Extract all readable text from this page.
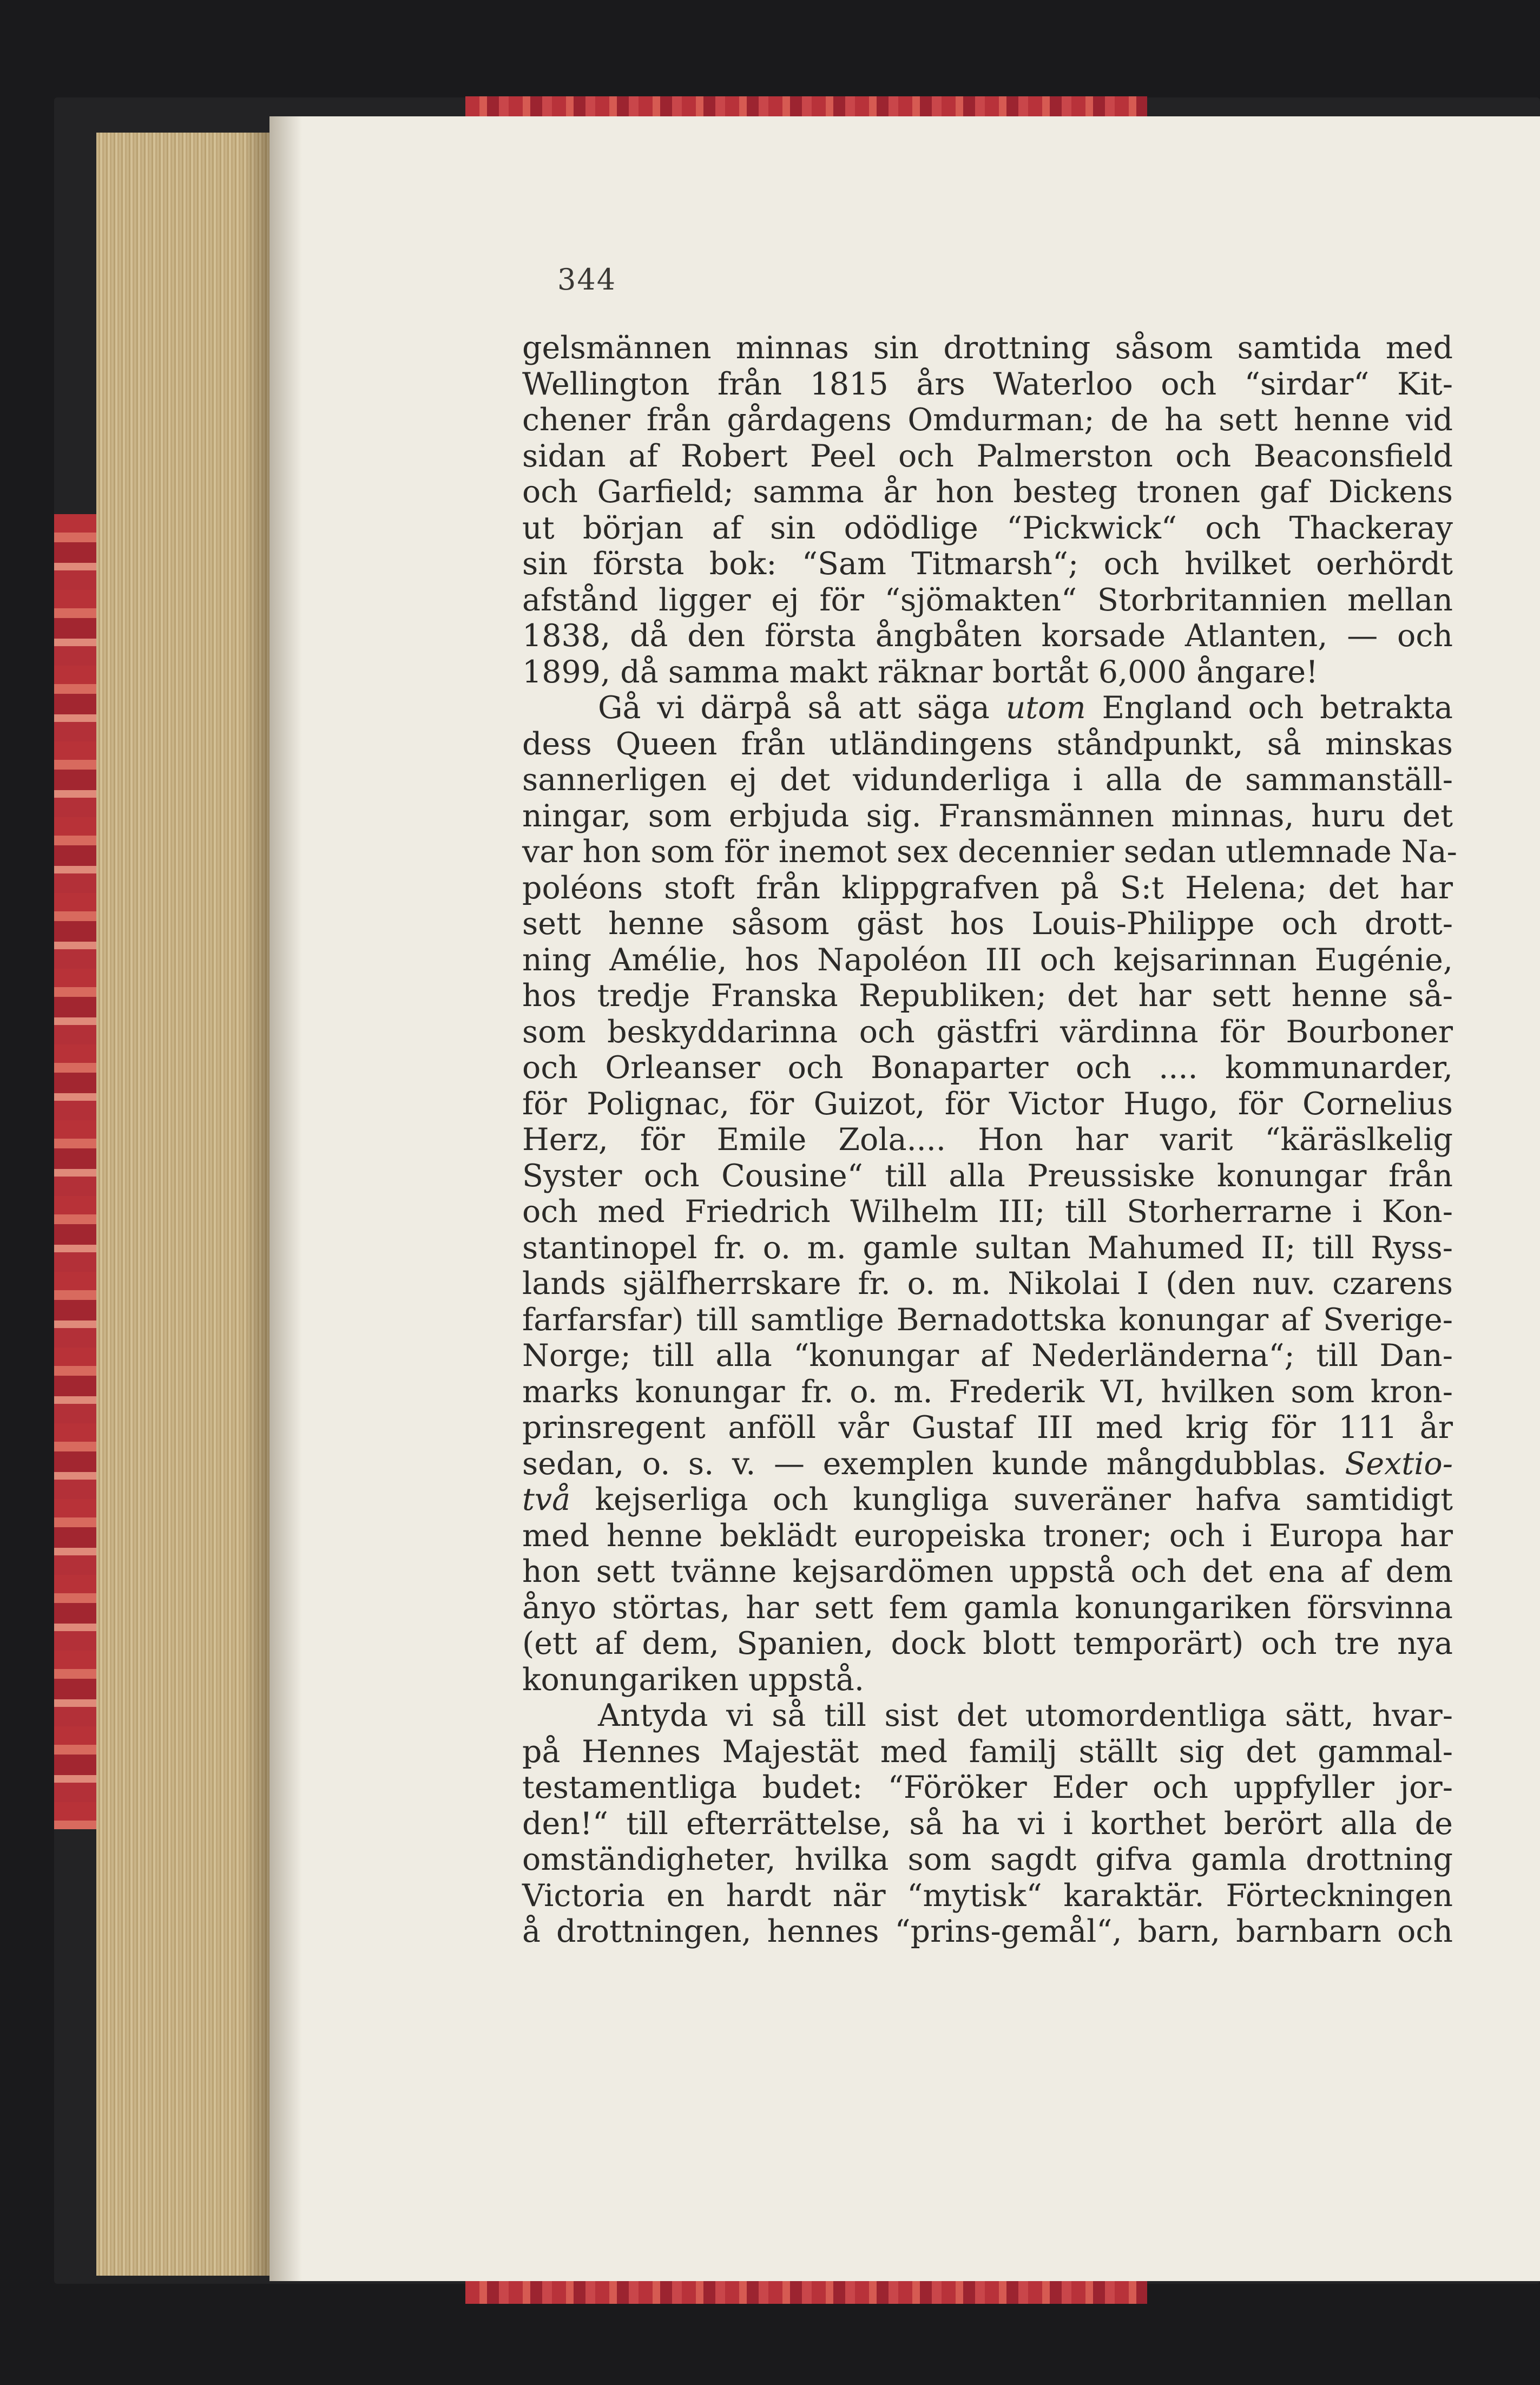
344
gelsmännen minnas sin drottning såsom samtida med
Wellington från 1815 års Waterloo och “sirdar“ Kit-
chener från gårdagens Omdurman; de ha sett henne vid
sidan af Robert Peel och Palmerston och Beaconsfield
och Garfield; samma år hon besteg tronen gaf Dickens
ut början af sin odödlige “Pickwick“ och Thackeray
sin första bok: “Sam Titmarsh“; och hvilket oerhördt
afstånd ligger ej för “sjömakten“ Storbritannien mellan
1838, då den första ångbåten korsade Atlanten, — och
1899, då samma makt räknar bortåt 6,000 ångare!
Gå vi därpå så att säga utom England och betrakta
dess Queen från utländingens ståndpunkt, så minskas
sannerligen ej det vidunderliga i alla de sammanställ-
ningar, som erbjuda sig. Fransmännen minnas, huru det
var hon som för inemot sex decennier sedan utlemnade Na-
poléons stoft från klippgrafven på S:t Helena; det har
sett henne såsom gäst hos Louis-Philippe och drott-
ning Amélie, hos Napoléon III och kejsarinnan Eugénie,
hos tredje Franska Republiken; det har sett henne så-
som beskyddarinna och gästfri värdinna för Bourboner
och Orleanser och Bonaparter och .... kommunarder,
för Polignac, för Guizot, för Victor Hugo, för Cornelius
Herz, för Emile Zola.... Hon har varit “käräslkelig
Syster och Cousine“ till alla Preussiske konungar från
och med Friedrich Wilhelm III; till Storherrarne i Kon-
stantinopel fr. o. m. gamle sultan Mahumed II; till Ryss-
lands själfherrskare fr. o. m. Nikolai I (den nuv. czarens
farfarsfar) till samtlige Bernadottska konungar af Sverige-
Norge; till alla “konungar af Nederländerna“; till Dan-
marks konungar fr. o. m. Frederik VI, hvilken som kron-
prinsregent anföll vår Gustaf III med krig för 111 år
sedan, o. s. v. — exemplen kunde mångdubblas. Sextio-
två kejserliga och kungliga suveräner hafva samtidigt
med henne beklädt europeiska troner; och i Europa har
hon sett tvänne kejsardömen uppstå och det ena af dem
ånyo störtas, har sett fem gamla konungariken försvinna
(ett af dem, Spanien, dock blott temporärt) och tre nya
konungariken uppstå.
Antyda vi så till sist det utomordentliga sätt, hvar-
på Hennes Majestät med familj ställt sig det gammal-
testamentliga budet: “Föröker Eder och uppfyller jor-
den!“ till efterrättelse, så ha vi i korthet berört alla de
omständigheter, hvilka som sagdt gifva gamla drottning
Victoria en hardt när “mytisk“ karaktär. Förteckningen
å drottningen, hennes “prins-gemål“, barn, barnbarn och
